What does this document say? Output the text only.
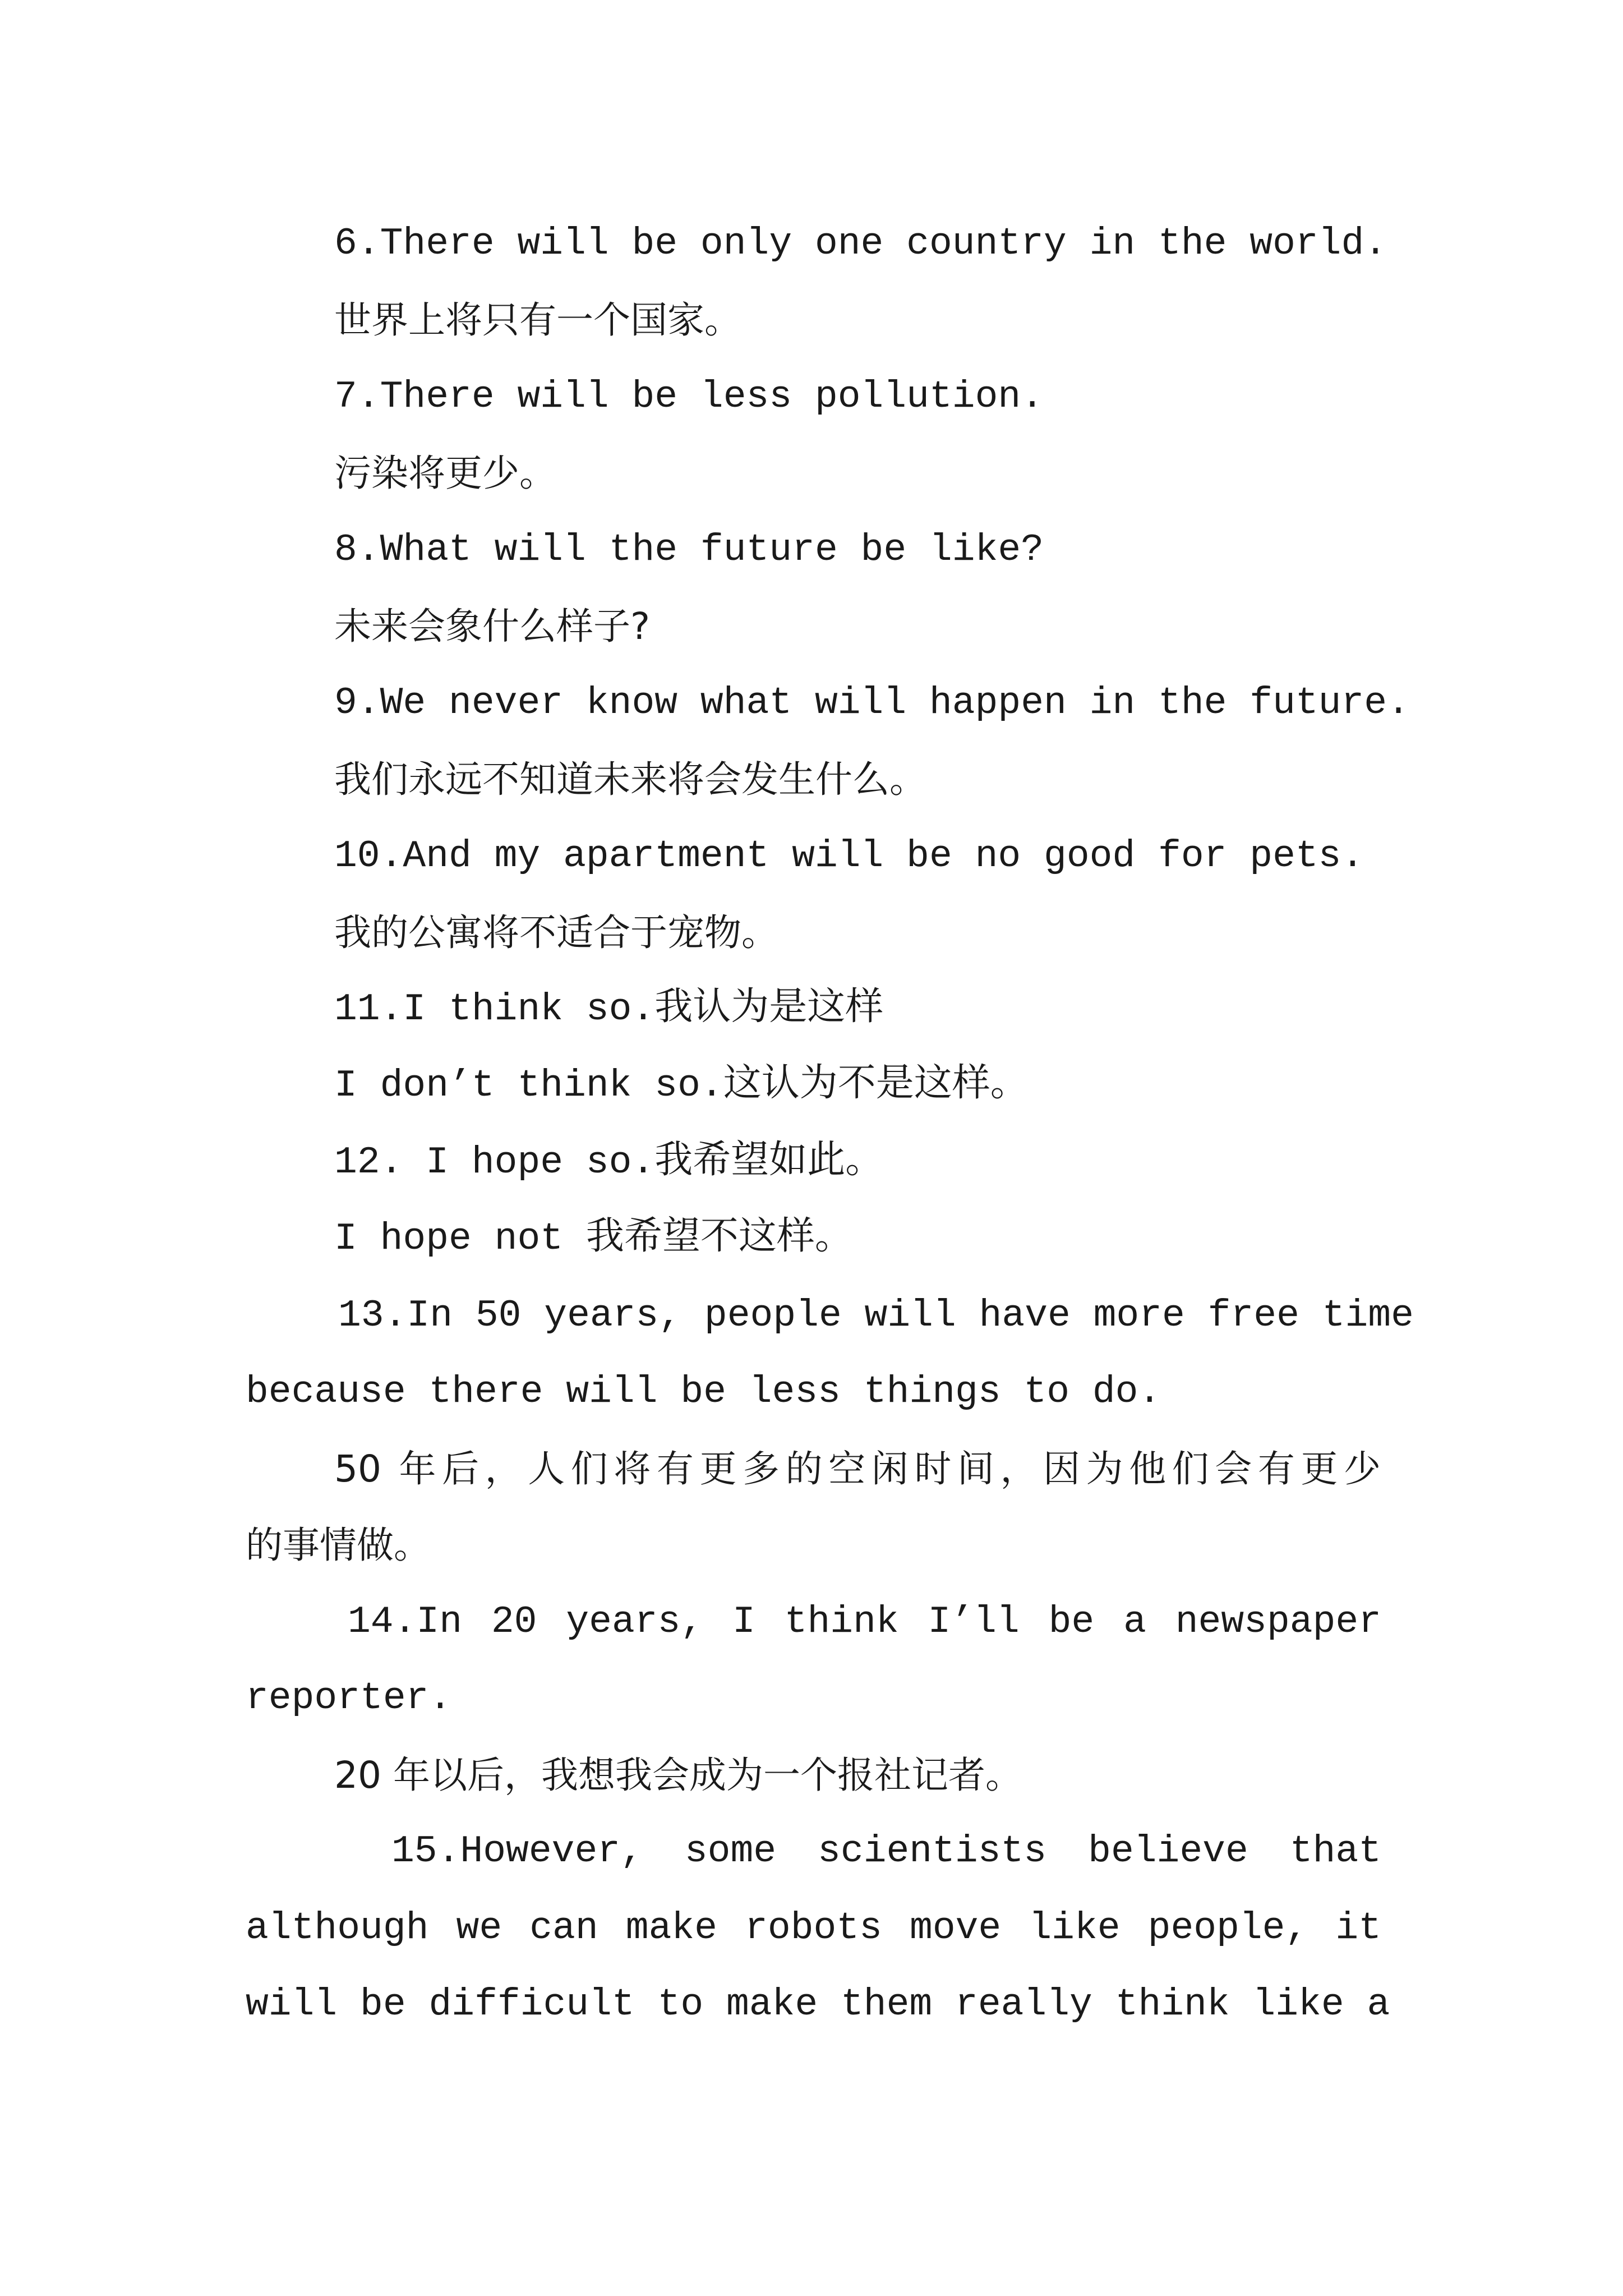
6.There will be only one country in the world.

世界上将只有一个国家。

7.There will be less pollution.

污染将更少。

8.What will the future be like?

未来会象什么样子?

9.We never know what will happen in the future.

我们永远不知道未来将会发生什么。

10.And my apartment will be no good for pets.

我的公寓将不适合于宠物。

11.I think so.我认为是这样

I don’t think so.这认为不是这样。

12. I hope so.我希望如此。

I hope not 我希望不这样。

13.In 50 years, people will have more free time

because there will be less things to do.

50 年后，人们将有更多的空闲时间，因为他们会有更少

的事情做。

14.In 20 years, I think I’ll be a newspaper

reporter.

20 年以后，我想我会成为一个报社记者。

15.However, some scientists believe that

although we can make robots move like people, it

will be difficult to make them really think like a
